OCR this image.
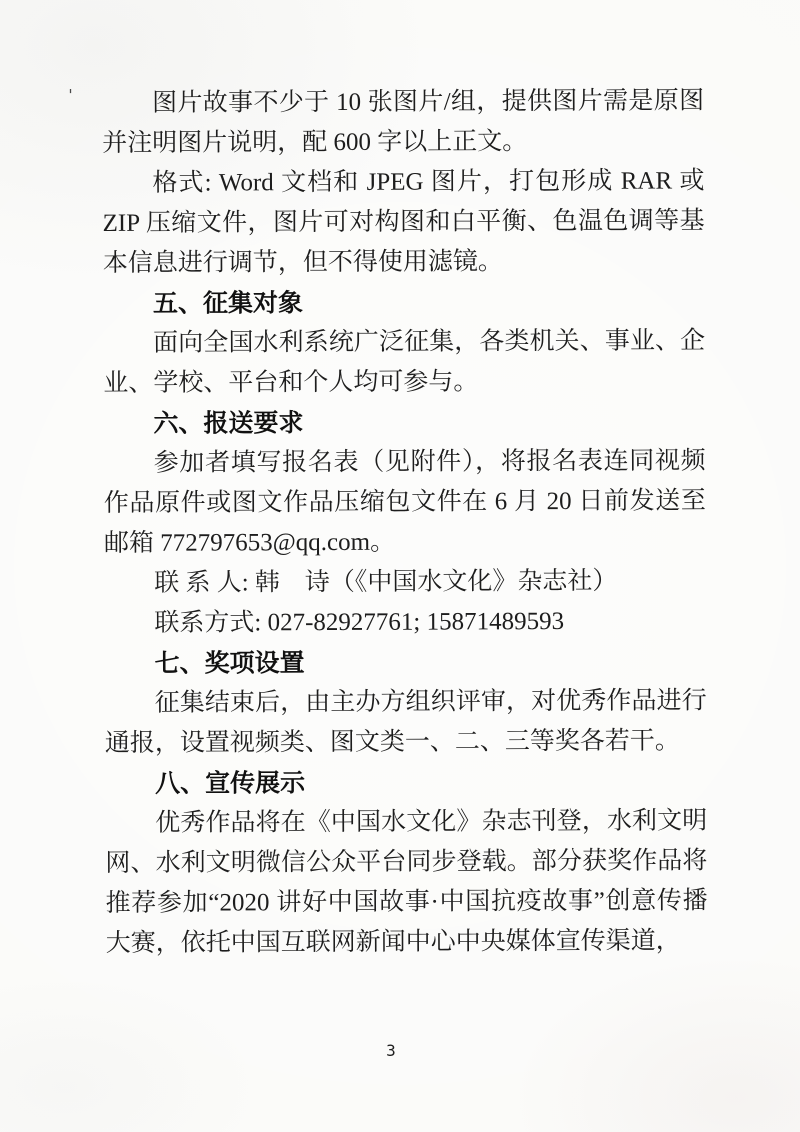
'	图片故事不少于 10 张图片/组，提供图片需是原图并注明图片说明，配 600 字以上正文。

格式: Word 文档和 JPEG 图片，打包形成 RAR 或 ZIP 压缩文件，图片可对构图和白平衡、色温色调等基本信息进行调节，但不得使用滤镜。

五、征集对象

面向全国水利系统广泛征集，各类机关、事业、企业、学校、平台和个人均可参与。

六、报送要求

参加者填写报名表（见附件），将报名表连同视频作品原件或图文作品压缩包文件在 6 月 20 日前发送至邮箱 772797653@qq.com。

联 系 人: 韩　诗（《中国水文化》杂志社）

联系方式: 027-82927761; 15871489593

七、奖项设置

征集结束后，由主办方组织评审，对优秀作品进行通报，设置视频类、图文类一、二、三等奖各若干。

八、宣传展示

优秀作品将在《中国水文化》杂志刊登，水利文明网、水利文明微信公众平台同步登载。部分获奖作品将推荐参加“2020 讲好中国故事·中国抗疫故事”创意传播大赛，依托中国互联网新闻中心中央媒体宣传渠道，

3
